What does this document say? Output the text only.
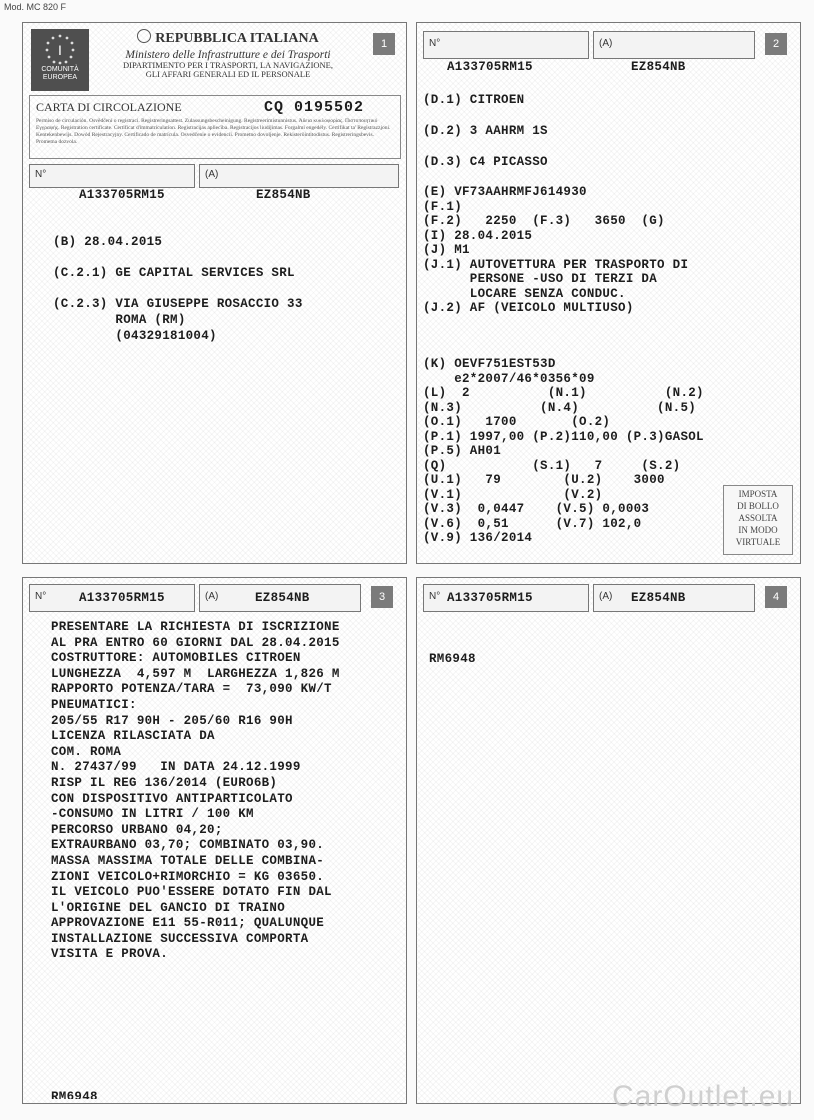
Mod. MC 820 F
I
COMUNITÀ
EUROPEA
REPUBBLICA ITALIANA
Ministero delle Infrastrutture e dei Trasporti
DIPARTIMENTO PER I TRASPORTI, LA NAVIGAZIONE,
GLI AFFARI GENERALI ED IL PERSONALE
1
CARTA DI CIRCOLAZIONE	CQ 0195502
Permiso de circulación. Osvědčení o registraci. Registreringsattest. Zulassungsbescheinigung. Registreerimistunnistus. Άδεια κυκλοφορίας. Πιστοποιητικό Εγγραφής. Registration certificate. Certificat d'immatriculation. Registracijas apliecība. Registracijos liudijimas. Forgalmi engedély. Certifikat ta' Registrazzjoni. Kentekenbewijs. Dowód Rejestracyjny. Certificado de matrícula. Osvedčenie o evidencii. Prometno dovoljenje. Rekisteröintitodistus. Registreringsbevis. Prometna dozvola.
N°	(A)
A133705RM15	EZ854NB
(B) 28.04.2015
(C.2.1) GE CAPITAL SERVICES SRL
(C.2.3) VIA GIUSEPPE ROSACCIO 33
ROMA (RM)
(04329181004)
N°	(A)	2
A133705RM15	EZ854NB
(D.1) CITROEN
(D.2) 3 AAHRM 1S
(D.3) C4 PICASSO
(E) VF73AAHRMFJ614930
(F.1)
(F.2)   2250  (F.3)   3650  (G)
(I) 28.04.2015
(J) M1
(J.1) AUTOVETTURA PER TRASPORTO DI
PERSONE -USO DI TERZI DA
LOCARE SENZA CONDUC.
(J.2) AF (VEICOLO MULTIUSO)
(K) OEVF751EST53D
e2*2007/46*0356*09
(L)  2          (N.1)          (N.2)
(N.3)          (N.4)          (N.5)
(O.1)   1700       (O.2)
(P.1) 1997,00 (P.2)110,00 (P.3)GASOL
(P.5) AH01
(Q)           (S.1)   7     (S.2)
(U.1)   79        (U.2)    3000
(V.1)             (V.2)
(V.3)  0,0447    (V.5) 0,0003
(V.6)  0,51      (V.7) 102,0
(V.9) 136/2014
IMPOSTA
DI BOLLO
ASSOLTA
IN MODO
VIRTUALE
N°	A133705RM15	(A)	EZ854NB	3
PRESENTARE LA RICHIESTA DI ISCRIZIONE
AL PRA ENTRO 60 GIORNI DAL 28.04.2015
COSTRUTTORE: AUTOMOBILES CITROEN
LUNGHEZZA  4,597 M  LARGHEZZA 1,826 M
RAPPORTO POTENZA/TARA =  73,090 KW/T
PNEUMATICI:
205/55 R17 90H - 205/60 R16 90H
LICENZA RILASCIATA DA
COM. ROMA
N. 27437/99   IN DATA 24.12.1999
RISP IL REG 136/2014 (EURO6B)
CON DISPOSITIVO ANTIPARTICOLATO
-CONSUMO IN LITRI / 100 KM
PERCORSO URBANO 04,20;
EXTRAURBANO 03,70; COMBINATO 03,90.
MASSA MASSIMA TOTALE DELLE COMBINA-
ZIONI VEICOLO+RIMORCHIO = KG 03650.
IL VEICOLO PUO'ESSERE DOTATO FIN DAL
L'ORIGINE DEL GANCIO DI TRAINO
APPROVAZIONE E11 55-R011; QUALUNQUE
INSTALLAZIONE SUCCESSIVA COMPORTA
VISITA E PROVA.
RM6948
N° A133705RM15	(A) EZ854NB	4
RM6948
CarOutlet.eu
